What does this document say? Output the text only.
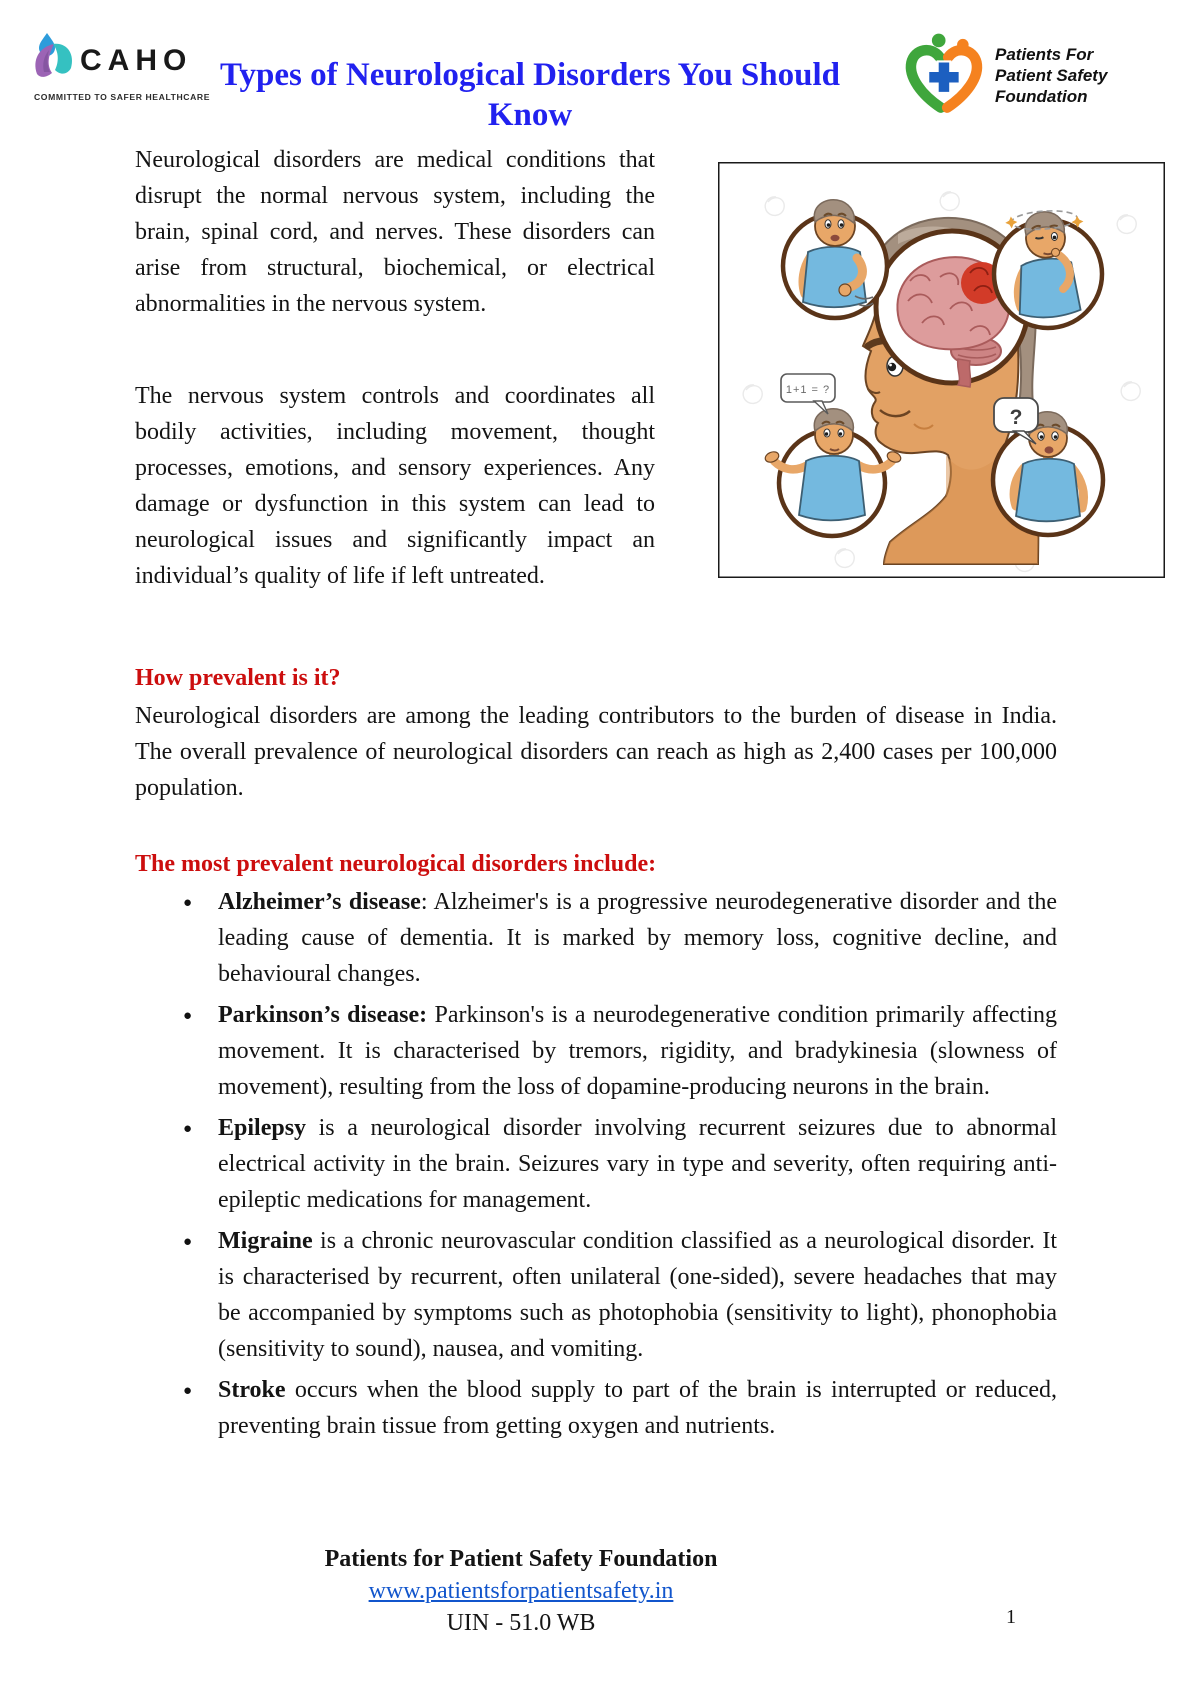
CAHO
COMMITTED TO SAFER HEALTHCARE
Types of Neurological Disorders You Should Know
Patients For
Patient Safety
Foundation

Neurological disorders are medical conditions that disrupt the normal nervous system, including the brain, spinal cord, and nerves. These disorders can arise from structural, biochemical, or electrical abnormalities in the nervous system.

The nervous system controls and coordinates all bodily activities, including movement, thought processes, emotions, and sensory experiences. Any damage or dysfunction in this system can lead to neurological issues and significantly impact an individual’s quality of life if left untreated.

1+1 = ?
?
How prevalent is it?

Neurological disorders are among the leading contributors to the burden of disease in India. The overall prevalence of neurological disorders can reach as high as 2,400 cases per 100,000 population.

The most prevalent neurological disorders include:
● Alzheimer’s disease: Alzheimer's is a progressive neurodegenerative disorder and the leading cause of dementia. It is marked by memory loss, cognitive decline, and behavioural changes.
● Parkinson’s disease: Parkinson's is a neurodegenerative condition primarily affecting movement. It is characterised by tremors, rigidity, and bradykinesia (slowness of movement), resulting from the loss of dopamine-producing neurons in the brain.
● Epilepsy is a neurological disorder involving recurrent seizures due to abnormal electrical activity in the brain. Seizures vary in type and severity, often requiring anti-epileptic medications for management.
● Migraine is a chronic neurovascular condition classified as a neurological disorder. It is characterised by recurrent, often unilateral (one-sided), severe headaches that may be accompanied by symptoms such as photophobia (sensitivity to light), phonophobia (sensitivity to sound), nausea, and vomiting.
● Stroke occurs when the blood supply to part of the brain is interrupted or reduced, preventing brain tissue from getting oxygen and nutrients.
Patients for Patient Safety Foundation
www.patientsforpatientsafety.in
UIN - 51.0 WB	1
